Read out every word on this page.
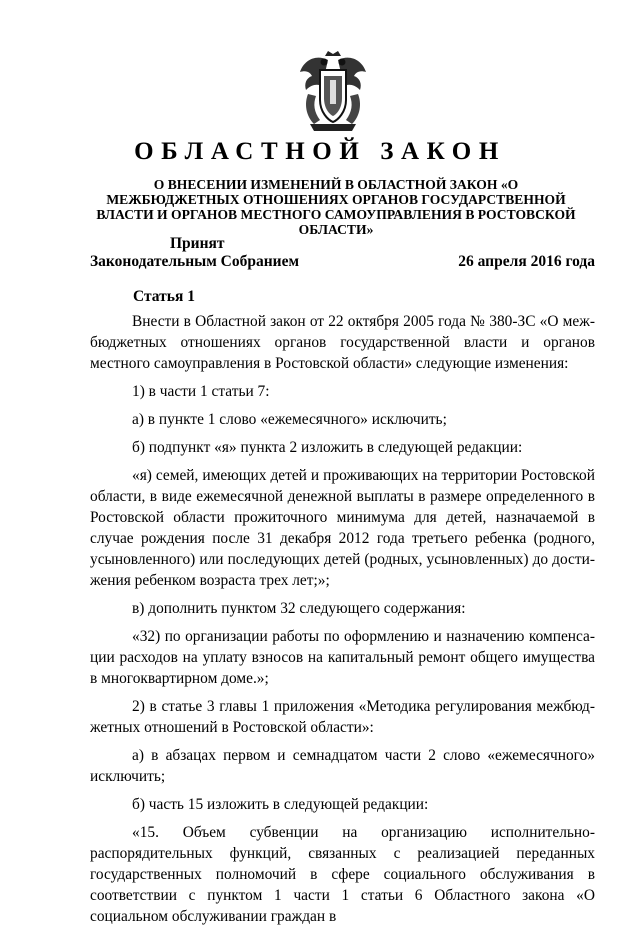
ОБЛАСТНОЙ ЗАКОН
О ВНЕСЕНИИ ИЗМЕНЕНИЙ В ОБЛАСТНОЙ ЗАКОН «О МЕЖБЮДЖЕТНЫХ ОТНОШЕНИЯХ ОРГАНОВ ГОСУДАРСТВЕННОЙ ВЛАСТИ И ОРГАНОВ МЕСТНОГО САМОУПРАВЛЕНИЯ В РОСТОВСКОЙ ОБЛАСТИ»
Принят
Законодательным Собранием	26 апреля 2016 года
Статья 1

Внести в Областной закон от 22 октября 2005 года № 380-ЗС «О межбюджетных отношениях органов государственной власти и органов местного самоуправления в Ростовской области» следующие изменения:

1) в части 1 статьи 7:

а) в пункте 1 слово «ежемесячного» исключить;

б) подпункт «я» пункта 2 изложить в следующей редакции:

«я) семей, имеющих детей и проживающих на территории Ростовской области, в виде ежемесячной денежной выплаты в размере определенного в Ростовской области прожиточного минимума для детей, назначаемой в случае рождения после 31 декабря 2012 года третьего ребенка (родного, усыновленного) или последующих детей (родных, усыновленных) до достижения ребенком возраста трех лет;»;

в) дополнить пунктом 32 следующего содержания:

«32) по организации работы по оформлению и назначению компенсации расходов на уплату взносов на капитальный ремонт общего имущества в многоквартирном доме.»;

2) в статье 3 главы 1 приложения «Методика регулирования межбюджетных отношений в Ростовской области»:

а) в абзацах первом и семнадцатом части 2 слово «ежемесячного» исключить;

б) часть 15 изложить в следующей редакции:

«15. Объем субвенции на организацию исполнительно-распорядительных функций, связанных с реализацией переданных государственных полномочий в сфере социального обслуживания в соответствии с пунктом 1 части 1 статьи 6 Областного закона «О социальном обслуживании граждан в
